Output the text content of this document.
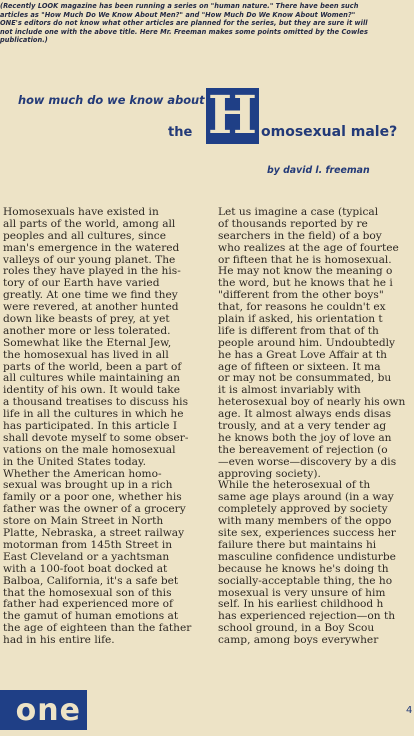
(Recently LOOK magazine has been running a series on "human nature." There have been such
articles as "How Much Do We Know About Men?" and "How Much Do We Know About Women?"
ONE's editors do not know what other articles are planned for the series, but they are sure it will
not include one with the above title. Here Mr. Freeman makes some points omitted by the Cowles
publication.)
how much do we know about
the H omosexual male?
by david l. freeman
Homosexuals have existed in
all parts of the world, among all
peoples and all cultures, since
man's emergence in the watered
valleys of our young planet. The
roles they have played in the his-
tory of our Earth have varied
greatly. At one time we find they
were revered, at another hunted
down like beasts of prey, at yet
another more or less tolerated.
Somewhat like the Eternal Jew,
the homosexual has lived in all
parts of the world, been a part of
all cultures while maintaining an
identity of his own. It would take
a thousand treatises to discuss his
life in all the cultures in which he
has participated. In this article I
shall devote myself to some obser-
vations on the male homosexual
in the United States today.
Whether the American homo-
sexual was brought up in a rich
family or a poor one, whether his
father was the owner of a grocery
store on Main Street in North
Platte, Nebraska, a street railway
motorman from 145th Street in
East Cleveland or a yachtsman
with a 100-foot boat docked at
Balboa, California, it's a safe bet
that the homosexual son of this
father had experienced more of
the gamut of human emotions at
the age of eighteen than the father
had in his entire life.
Let us imagine a case (typical
of thousands reported by re
searchers in the field) of a boy
who realizes at the age of fourtee
or fifteen that he is homosexual.
He may not know the meaning o
the word, but he knows that he i
"different from the other boys"
that, for reasons he couldn't ex
plain if asked, his orientation t
life is different from that of th
people around him. Undoubtedly
he has a Great Love Affair at th
age of fifteen or sixteen. It ma
or may not be consummated, bu
it is almost invariably with
heterosexual boy of nearly his own
age. It almost always ends disas
trously, and at a very tender ag
he knows both the joy of love an
the bereavement of rejection (o
—even worse—discovery by a dis
approving society).
While the heterosexual of th
same age plays around (in a way
completely approved by society
with many members of the oppo
site sex, experiences success her
failure there but maintains hi
masculine confidence undisturbe
because he knows he's doing th
socially-acceptable thing, the ho
mosexual is very unsure of him
self. In his earliest childhood h
has experienced rejection—on th
school ground, in a Boy Scou
camp, among boys everywher
one	4
